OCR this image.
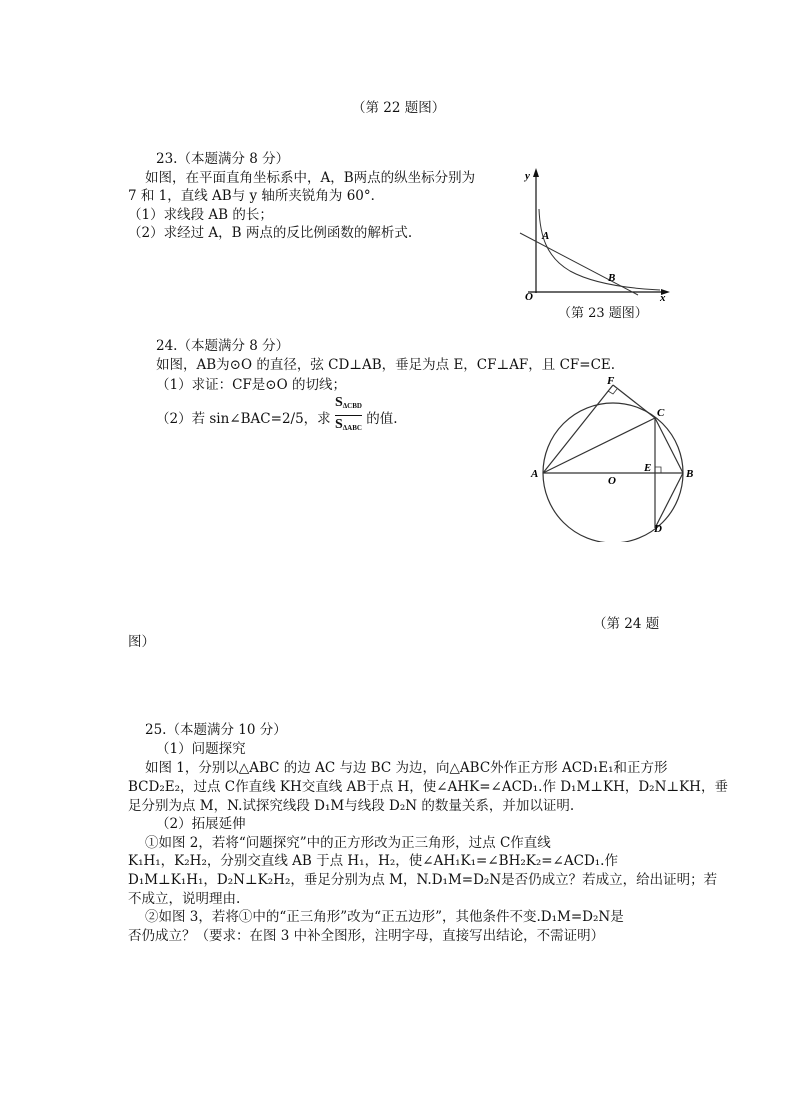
（第 22 题图）
23.（本题满分 8 分）
如图，在平面直角坐标系中，A，B两点的纵坐标分别为
7 和 1，直线 AB与 y 轴所夹锐角为 60°．
（1）求线段 AB 的长；
（2）求经过 A，B 两点的反比例函数的解析式.
y
x
O
A
B
（第 23 题图）
24.（本题满分 8 分）
如图，AB为⊙O 的直径，弦 CD⊥AB，垂足为点 E，CF⊥AF，且 CF=CE.
（1）求证：CF是⊙O 的切线；
（2）若 sin∠BAC=2/5，求 $\frac{S_{\Delta CBD}}{S_{\Delta ABC}}$ 的值.
F
C
A
O
E	B
D
（第 24 题
图）
25.（本题满分 10 分）
（1）问题探究
如图 1，分别以△ABC 的边 AC 与边 BC 为边，向△ABC外作正方形 ACD₁E₁和正方形
BCD₂E₂，过点 C作直线 KH交直线 AB于点 H，使∠AHK=∠ACD₁.作 D₁M⊥KH，D₂N⊥KH，垂
足分别为点 M，N.试探究线段 D₁M与线段 D₂N 的数量关系，并加以证明.
（2）拓展延伸
①如图 2，若将“问题探究”中的正方形改为正三角形，过点 C作直线
K₁H₁，K₂H₂，分别交直线 AB 于点 H₁，H₂，使∠AH₁K₁=∠BH₂K₂=∠ACD₁.作
D₁M⊥K₁H₁，D₂N⊥K₂H₂，垂足分别为点 M，N.D₁M=D₂N是否仍成立？若成立，给出证明；若
不成立，说明理由.
②如图 3，若将①中的“正三角形”改为“正五边形”，其他条件不变.D₁M=D₂N是
否仍成立？（要求：在图 3 中补全图形，注明字母，直接写出结论，不需证明）
